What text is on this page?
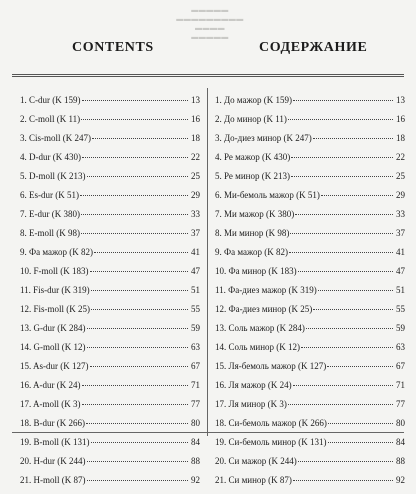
▬▬▬▬▬
▬▬▬▬▬▬▬▬▬
▬▬▬▬
▬▬▬▬▬
CONTENTS	СОДЕРЖАНИЕ
1. C-dur (K 159)	13
2. C-moll (K 11)	16
3. Cis-moll (K 247)	18
4. D-dur (K 430)	22
5. D-moll (K 213)	25
6. Es-dur (K 51)	29
7. E-dur (K 380)	33
8. E-moll (K 98)	37
9. Фа мажор (K 82)	41
10. F-moll (K 183)	47
11. Fis-dur (K 319)	51
12. Fis-moll (K 25)	55
13. G-dur (K 284)	59
14. G-moll (K 12)	63
15. As-dur (K 127)	67
16. A-dur (K 24)	71
17. A-moll (K 3)	77
18. B-dur (K 266)	80
19. B-moll (K 131)	84
20. H-dur (K 244)	88
21. H-moll (K 87)	92
1. До мажор (K 159)	13
2. До минор (K 11)	16
3. До-диез минор (K 247)	18
4. Ре мажор (K 430)	22
5. Ре минор (K 213)	25
6. Ми-бемоль мажор (K 51)	29
7. Ми мажор (K 380)	33
8. Ми минор (K 98)	37
9. Фа мажор (K 82)	41
10. Фа минор (K 183)	47
11. Фа-диез мажор (K 319)	51
12. Фа-диез минор (K 25)	55
13. Соль мажор (K 284)	59
14. Соль минор (K 12)	63
15. Ля-бемоль мажор (K 127)	67
16. Ля мажор (K 24)	71
17. Ля минор (K 3)	77
18. Си-бемоль мажор (K 266)	80
19. Си-бемоль минор (K 131)	84
20. Си мажор (K 244)	88
21. Си минор (K 87)	92
